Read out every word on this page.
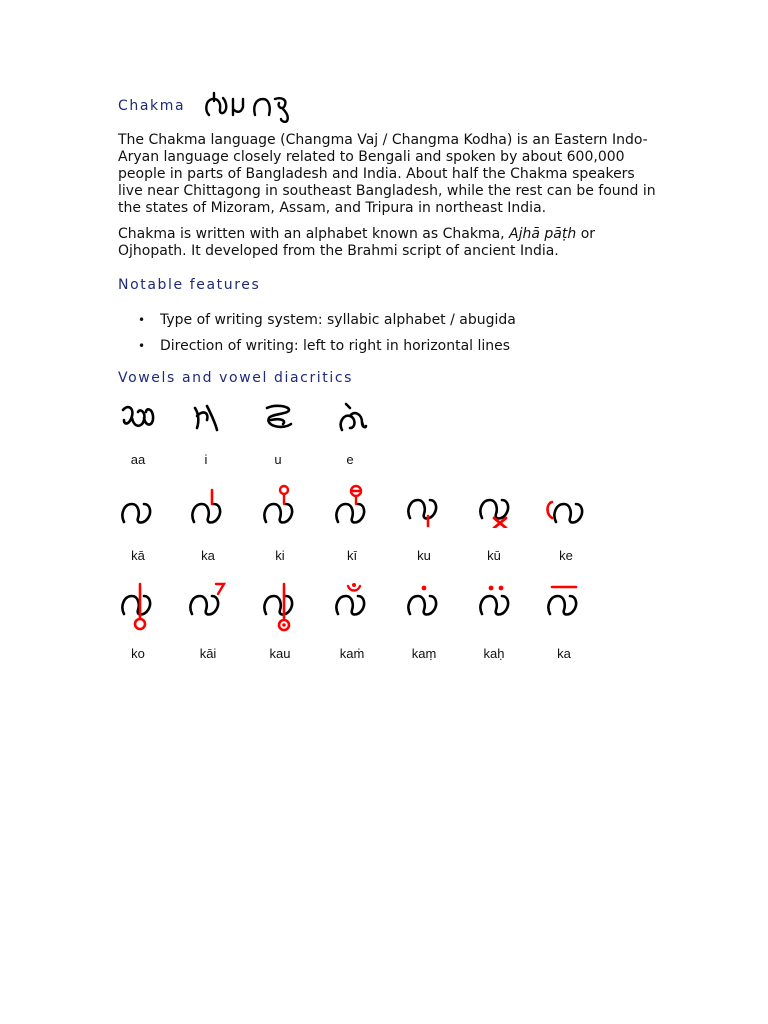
Chakma

The Chakma language (Changma Vaj / Changma Kodha) is an Eastern Indo-Aryan language closely related to Bengali and spoken by about 600,000 people in parts of Bangladesh and India. About half the Chakma speakers live near Chittagong in southeast Bangladesh, while the rest can be found in the states of Mizoram, Assam, and Tripura in northeast India.

Chakma is written with an alphabet known as Chakma, Ajhā pāṭh or Ojhopath. It developed from the Brahmi script of ancient India.

Notable features
• Type of writing system: syllabic alphabet / abugida
• Direction of writing: left to right in horizontal lines
Vowels and vowel diacritics
aa	i	u	e
kā	ka	ki	kī	ku	kū	ke
ko	kāi	kau	kaṁ	kaṃ	kaḥ	ka
